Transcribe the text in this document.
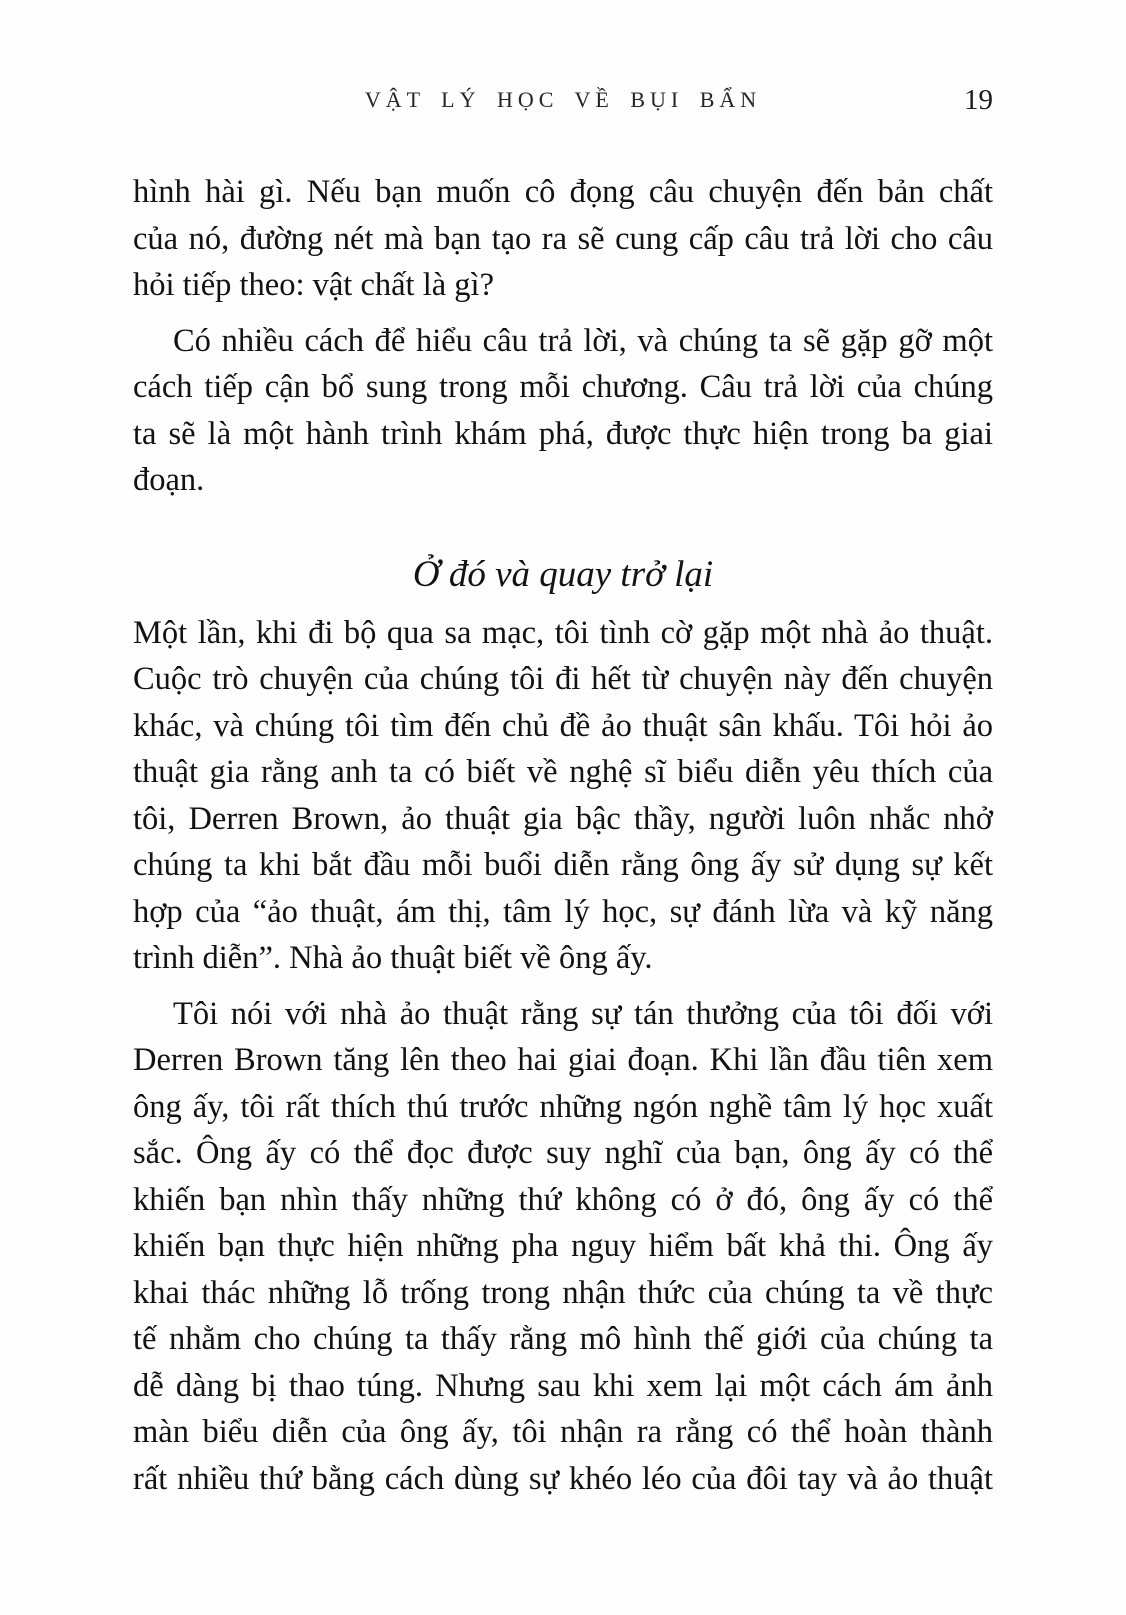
VẬT LÝ HỌC VỀ BỤI BẨN	19
hình hài gì. Nếu bạn muốn cô đọng câu chuyện đến bản chất
của nó, đường nét mà bạn tạo ra sẽ cung cấp câu trả lời cho câu
hỏi tiếp theo: vật chất là gì?
Có nhiều cách để hiểu câu trả lời, và chúng ta sẽ gặp gỡ một
cách tiếp cận bổ sung trong mỗi chương. Câu trả lời của chúng
ta sẽ là một hành trình khám phá, được thực hiện trong ba giai
đoạn.
Ở đó và quay trở lại
Một lần, khi đi bộ qua sa mạc, tôi tình cờ gặp một nhà ảo thuật.
Cuộc trò chuyện của chúng tôi đi hết từ chuyện này đến chuyện
khác, và chúng tôi tìm đến chủ đề ảo thuật sân khấu. Tôi hỏi ảo
thuật gia rằng anh ta có biết về nghệ sĩ biểu diễn yêu thích của
tôi, Derren Brown, ảo thuật gia bậc thầy, người luôn nhắc nhở
chúng ta khi bắt đầu mỗi buổi diễn rằng ông ấy sử dụng sự kết
hợp của “ảo thuật, ám thị, tâm lý học, sự đánh lừa và kỹ năng
trình diễn”. Nhà ảo thuật biết về ông ấy.
Tôi nói với nhà ảo thuật rằng sự tán thưởng của tôi đối với
Derren Brown tăng lên theo hai giai đoạn. Khi lần đầu tiên xem
ông ấy, tôi rất thích thú trước những ngón nghề tâm lý học xuất
sắc. Ông ấy có thể đọc được suy nghĩ của bạn, ông ấy có thể
khiến bạn nhìn thấy những thứ không có ở đó, ông ấy có thể
khiến bạn thực hiện những pha nguy hiểm bất khả thi. Ông ấy
khai thác những lỗ trống trong nhận thức của chúng ta về thực
tế nhằm cho chúng ta thấy rằng mô hình thế giới của chúng ta
dễ dàng bị thao túng. Nhưng sau khi xem lại một cách ám ảnh
màn biểu diễn của ông ấy, tôi nhận ra rằng có thể hoàn thành
rất nhiều thứ bằng cách dùng sự khéo léo của đôi tay và ảo thuật
